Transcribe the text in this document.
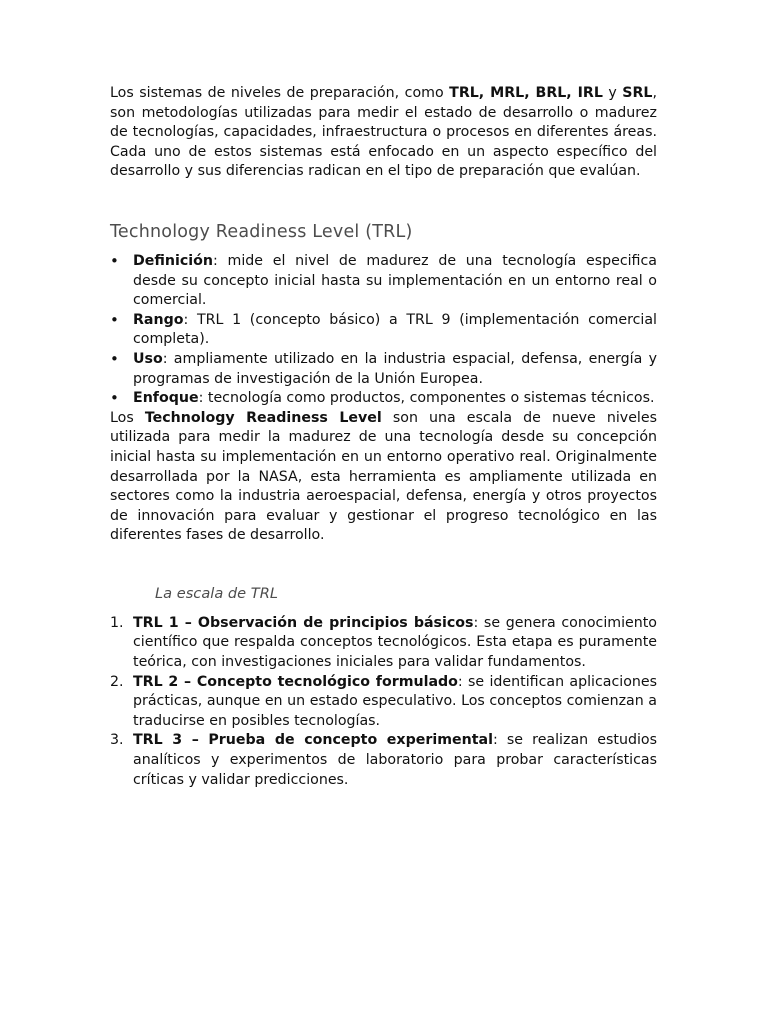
Los sistemas de niveles de preparación, como TRL, MRL, BRL, IRL y SRL, son metodologías utilizadas para medir el estado de desarrollo o madurez de tecnologías, capacidades, infraestructura o procesos en diferentes áreas. Cada uno de estos sistemas está enfocado en un aspecto específico del desarrollo y sus diferencias radican en el tipo de preparación que evalúan.

Technology Readiness Level (TRL)
• Definición: mide el nivel de madurez de una tecnología especifica desde su concepto inicial hasta su implementación en un entorno real o comercial.
• Rango: TRL 1 (concepto básico) a TRL 9 (implementación comercial completa).
• Uso: ampliamente utilizado en la industria espacial, defensa, energía y programas de investigación de la Unión Europea.
• Enfoque: tecnología como productos, componentes o sistemas técnicos.

Los Technology Readiness Level son una escala de nueve niveles utilizada para medir la madurez de una tecnología desde su concepción inicial hasta su implementación en un entorno operativo real. Originalmente desarrollada por la NASA, esta herramienta es ampliamente utilizada en sectores como la industria aeroespacial, defensa, energía y otros proyectos de innovación para evaluar y gestionar el progreso tecnológico en las diferentes fases de desarrollo.

La escala de TRL
1. TRL 1 – Observación de principios básicos: se genera conocimiento científico que respalda conceptos tecnológicos. Esta etapa es puramente teórica, con investigaciones iniciales para validar fundamentos.
2. TRL 2 – Concepto tecnológico formulado: se identifican aplicaciones prácticas, aunque en un estado especulativo. Los conceptos comienzan a traducirse en posibles tecnologías.
3. TRL 3 – Prueba de concepto experimental: se realizan estudios analíticos y experimentos de laboratorio para probar características críticas y validar predicciones.
